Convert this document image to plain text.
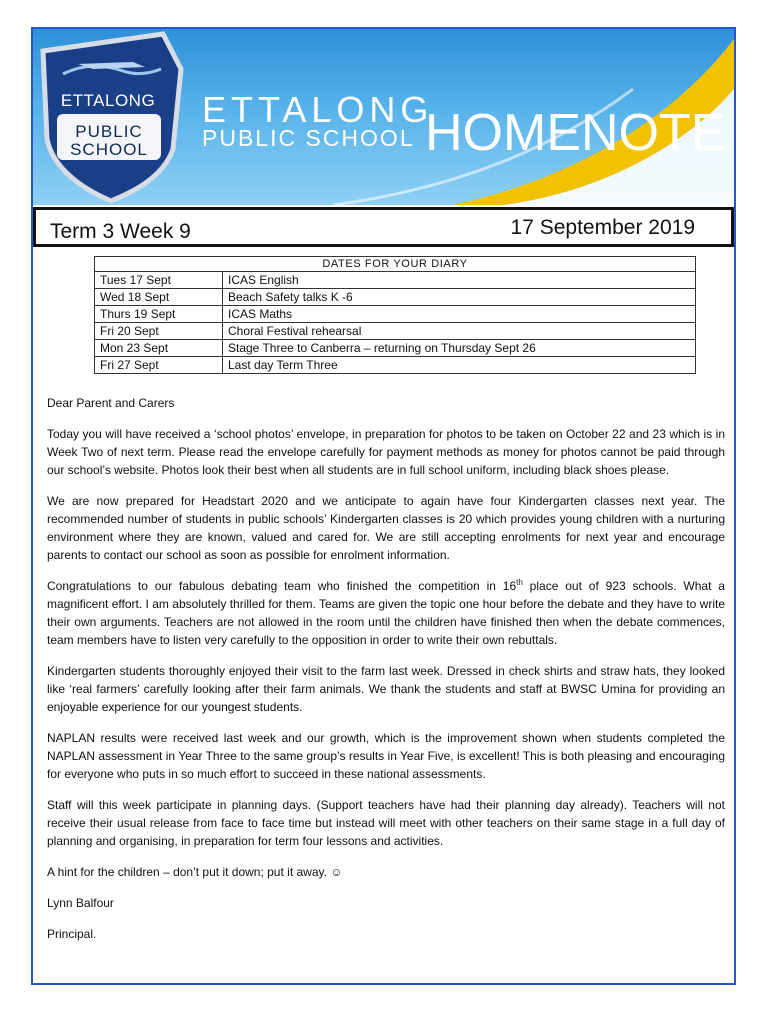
ETTALONG
PUBLIC
SCHOOL
ETTALONG
PUBLIC SCHOOL HOMENOTE
Term 3 Week 9	17 September 2019
DATES FOR YOUR DIARY	
Tues 17 Sept	ICAS English
Wed 18 Sept	Beach Safety talks K -6
Thurs 19 Sept	ICAS Maths
Fri 20 Sept	Choral Festival rehearsal
Mon 23 Sept	Stage Three to Canberra – returning on Thursday Sept 26
Fri 27 Sept	Last day Term Three

Dear Parent and Carers

Today you will have received a ‘school photos’ envelope, in preparation for photos to be taken on October 22 and 23 which is in Week Two of next term. Please read the envelope carefully for payment methods as money for photos cannot be paid through our school’s website. Photos look their best when all students are in full school uniform, including black shoes please.

We are now prepared for Headstart 2020 and we anticipate to again have four Kindergarten classes next year. The recommended number of students in public schools’ Kindergarten classes is 20 which provides young children with a nurturing environment where they are known, valued and cared for. We are still accepting enrolments for next year and encourage parents to contact our school as soon as possible for enrolment information.

Congratulations to our fabulous debating team who finished the competition in 16th place out of 923 schools. What a magnificent effort. I am absolutely thrilled for them. Teams are given the topic one hour before the debate and they have to write their own arguments. Teachers are not allowed in the room until the children have finished then when the debate commences, team members have to listen very carefully to the opposition in order to write their own rebuttals.

Kindergarten students thoroughly enjoyed their visit to the farm last week. Dressed in check shirts and straw hats, they looked like ‘real farmers’ carefully looking after their farm animals. We thank the students and staff at BWSC Umina for providing an enjoyable experience for our youngest students.

NAPLAN results were received last week and our growth, which is the improvement shown when students completed the NAPLAN assessment in Year Three to the same group’s results in Year Five, is excellent! This is both pleasing and encouraging for everyone who puts in so much effort to succeed in these national assessments.

Staff will this week participate in planning days. (Support teachers have had their planning day already). Teachers will not receive their usual release from face to face time but instead will meet with other teachers on their same stage in a full day of planning and organising, in preparation for term four lessons and activities.

A hint for the children – don’t put it down; put it away. ☺

Lynn Balfour

Principal.
